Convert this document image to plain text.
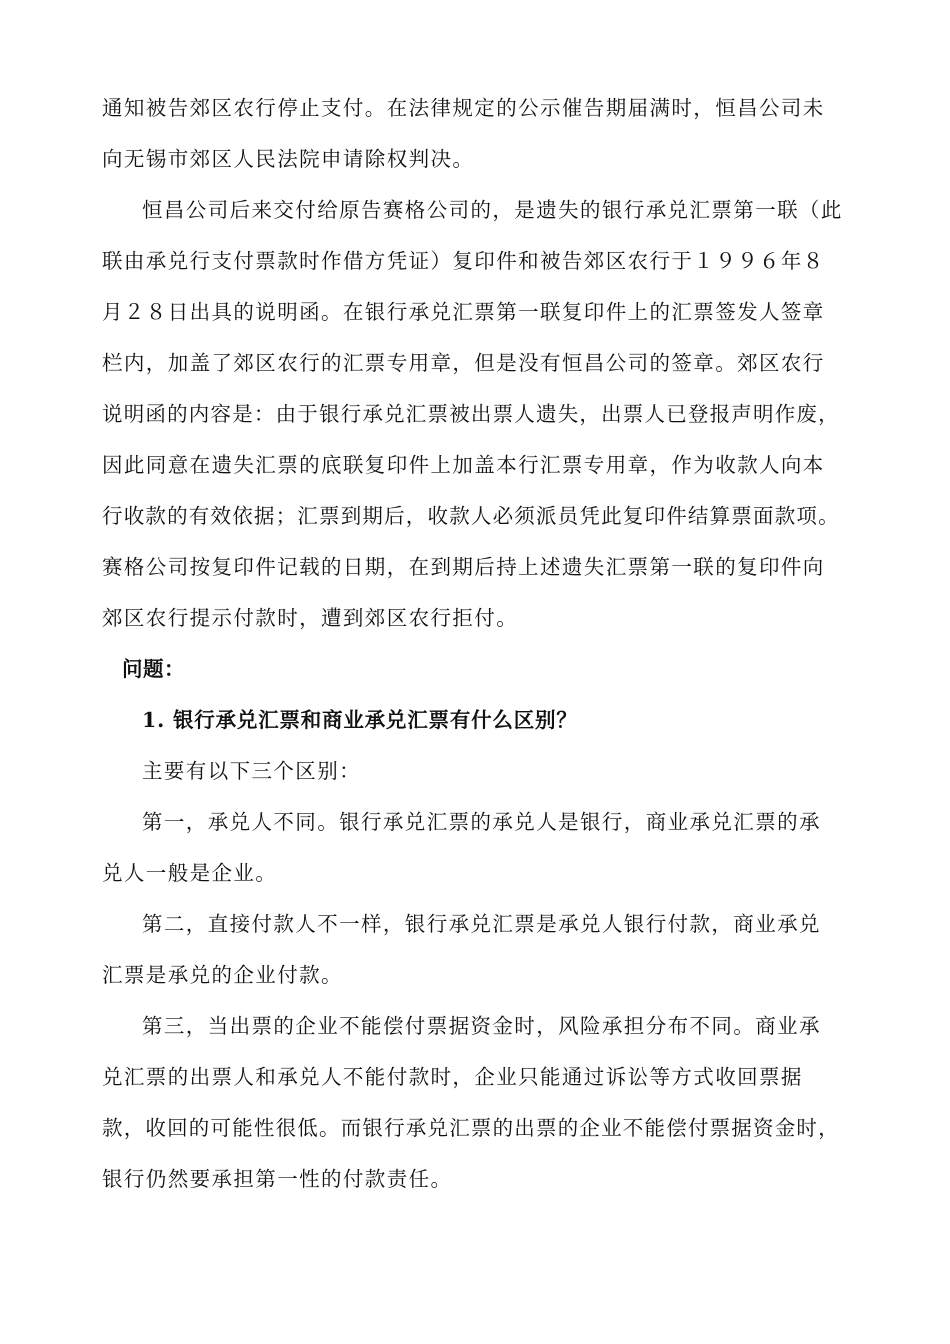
通知被告郊区农行停止支付。在法律规定的公示催告期届满时，恒昌公司未
向无锡市郊区人民法院申请除权判决。
恒昌公司后来交付给原告赛格公司的，是遗失的银行承兑汇票第一联（此
联由承兑行支付票款时作借方凭证）复印件和被告郊区农行于１９９６年８
月２８日出具的说明函。在银行承兑汇票第一联复印件上的汇票签发人签章
栏内，加盖了郊区农行的汇票专用章，但是没有恒昌公司的签章。郊区农行
说明函的内容是：由于银行承兑汇票被出票人遗失，出票人已登报声明作废，
因此同意在遗失汇票的底联复印件上加盖本行汇票专用章，作为收款人向本
行收款的有效依据；汇票到期后，收款人必须派员凭此复印件结算票面款项。
赛格公司按复印件记载的日期，在到期后持上述遗失汇票第一联的复印件向
郊区农行提示付款时，遭到郊区农行拒付。
问题：
1. 银行承兑汇票和商业承兑汇票有什么区别？
主要有以下三个区别：
第一，承兑人不同。银行承兑汇票的承兑人是银行，商业承兑汇票的承
兑人一般是企业。
第二，直接付款人不一样，银行承兑汇票是承兑人银行付款，商业承兑
汇票是承兑的企业付款。
第三，当出票的企业不能偿付票据资金时，风险承担分布不同。商业承
兑汇票的出票人和承兑人不能付款时，企业只能通过诉讼等方式收回票据
款，收回的可能性很低。而银行承兑汇票的出票的企业不能偿付票据资金时，
银行仍然要承担第一性的付款责任。
